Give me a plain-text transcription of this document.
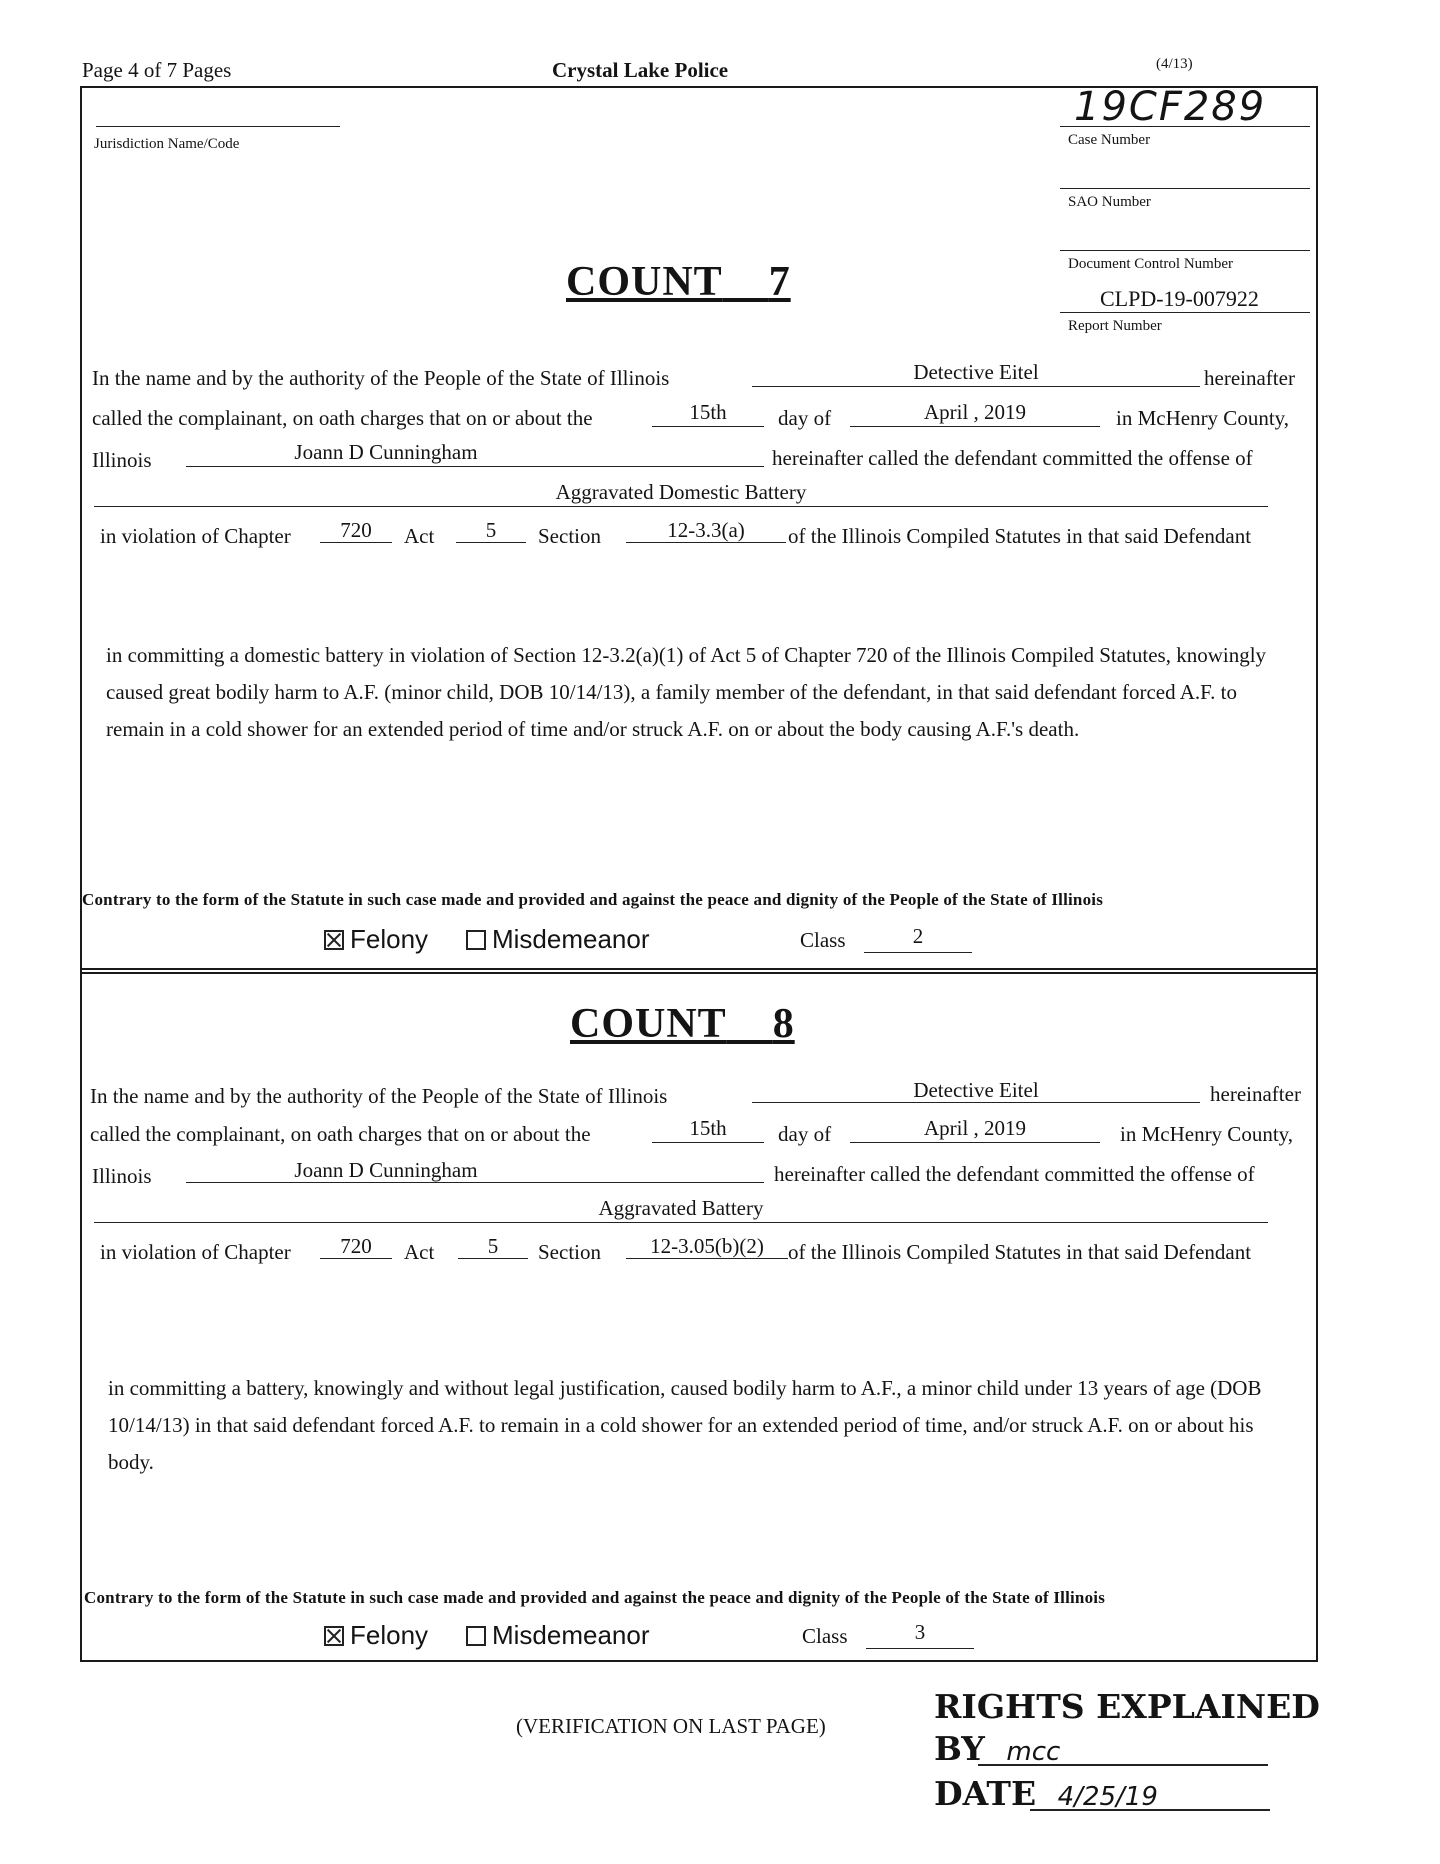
Page 4 of 7 Pages	Crystal Lake Police	(4/13)
Jurisdiction Name/Code
19CF289
Case Number
SAO Number
Document Control Number
CLPD-19-007922
Report Number
COUNT 7
In the name and by the authority of the People of the State of Illinois	Detective Eitel	hereinafter
called the complainant, on oath charges that on or about the	15th	day of	April , 2019	in McHenry County,
Illinois	Joann D Cunningham	hereinafter called the defendant committed the offense of
Aggravated Domestic Battery
in violation of Chapter	720	Act	5	Section	12-3.3(a)	of the Illinois Compiled Statutes in that said Defendant
in committing a domestic battery in violation of Section 12-3.2(a)(1) of Act 5 of Chapter 720 of the Illinois Compiled Statutes, knowingly caused great bodily harm to A.F. (minor child, DOB 10/14/13), a family member of the defendant, in that said defendant forced A.F. to remain in a cold shower for an extended period of time and/or struck A.F. on or about the body causing A.F.'s death.
Contrary to the form of the Statute in such case made and provided and against the peace and dignity of the People of the State of Illinois
Felony Misdemeanor	Class	2
COUNT 8
In the name and by the authority of the People of the State of Illinois	Detective Eitel	hereinafter
called the complainant, on oath charges that on or about the	15th	day of	April , 2019	in McHenry County,
Illinois	Joann D Cunningham	hereinafter called the defendant committed the offense of
Aggravated Battery
in violation of Chapter	720	Act	5	Section	12-3.05(b)(2)	of the Illinois Compiled Statutes in that said Defendant
in committing a battery, knowingly and without legal justification, caused bodily harm to A.F., a minor child under 13 years of age (DOB 10/14/13) in that said defendant forced A.F. to remain in a cold shower for an extended period of time, and/or struck A.F. on or about his body.
Contrary to the form of the Statute in such case made and provided and against the peace and dignity of the People of the State of Illinois
Felony Misdemeanor	Class	3
(VERIFICATION ON LAST PAGE)	RIGHTS EXPLAINED
BY mcc
DATE 4/25/19
